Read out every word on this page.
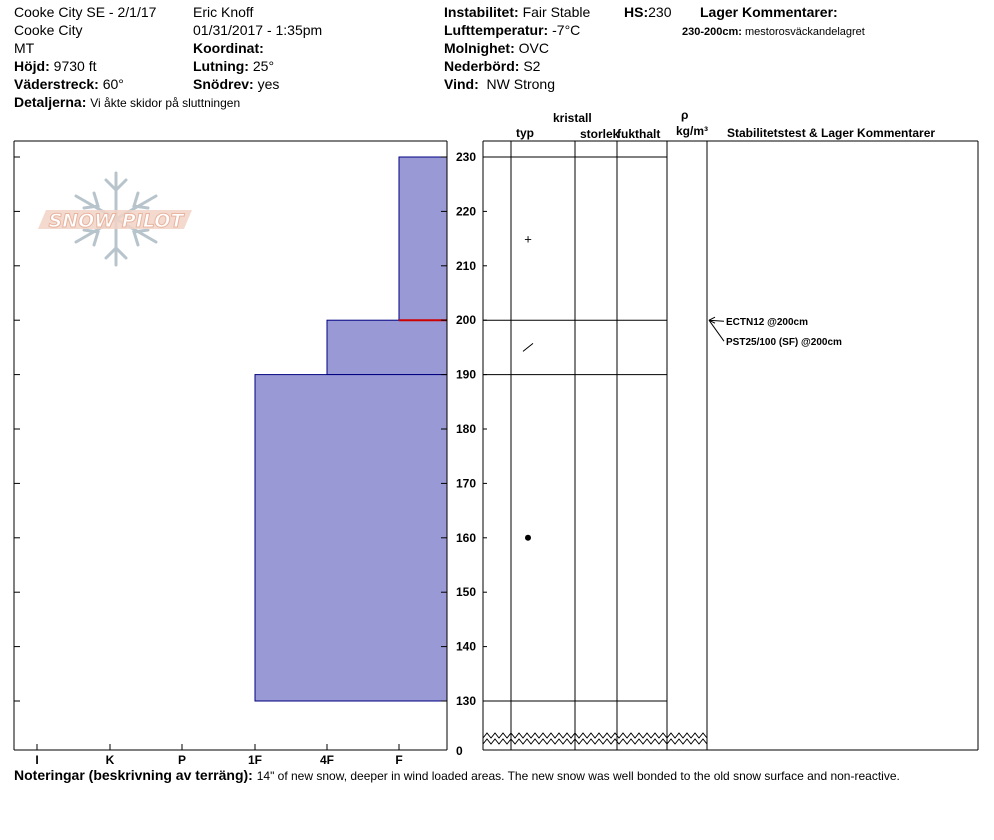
Cooke City SE - 2/1/17
Cooke City
MT
Höjd: 9730 ft
Väderstreck: 60°
Detaljerna: Vi åkte skidor på sluttningen
Eric Knoff
01/31/2017 - 1:35pm
Koordinat:
Lutning: 25°
Snödrev: yes
Instabilitet: Fair Stable HS:230 Lager Kommentarer:
Lufttemperatur: -7°C	230-200cm: mestorosväckandelagret
Molnighet: OVC
Nederbörd: S2
Vind: NW Strong
kristall
typ	storlek
fukthalt
ρ
kg/m³ Stabilitetstest & Lager Kommentarer
SNOW PILOT
130
140
150
160
170
180
190
200
210
220
230
0
I	K	P	1F	4F	F
+
ECTN12 @200cm
PST25/100 (SF) @200cm
Noteringar (beskrivning av terräng): 14" of new snow, deeper in wind loaded areas. The new snow was well bonded to the old snow surface and non-reactive.
